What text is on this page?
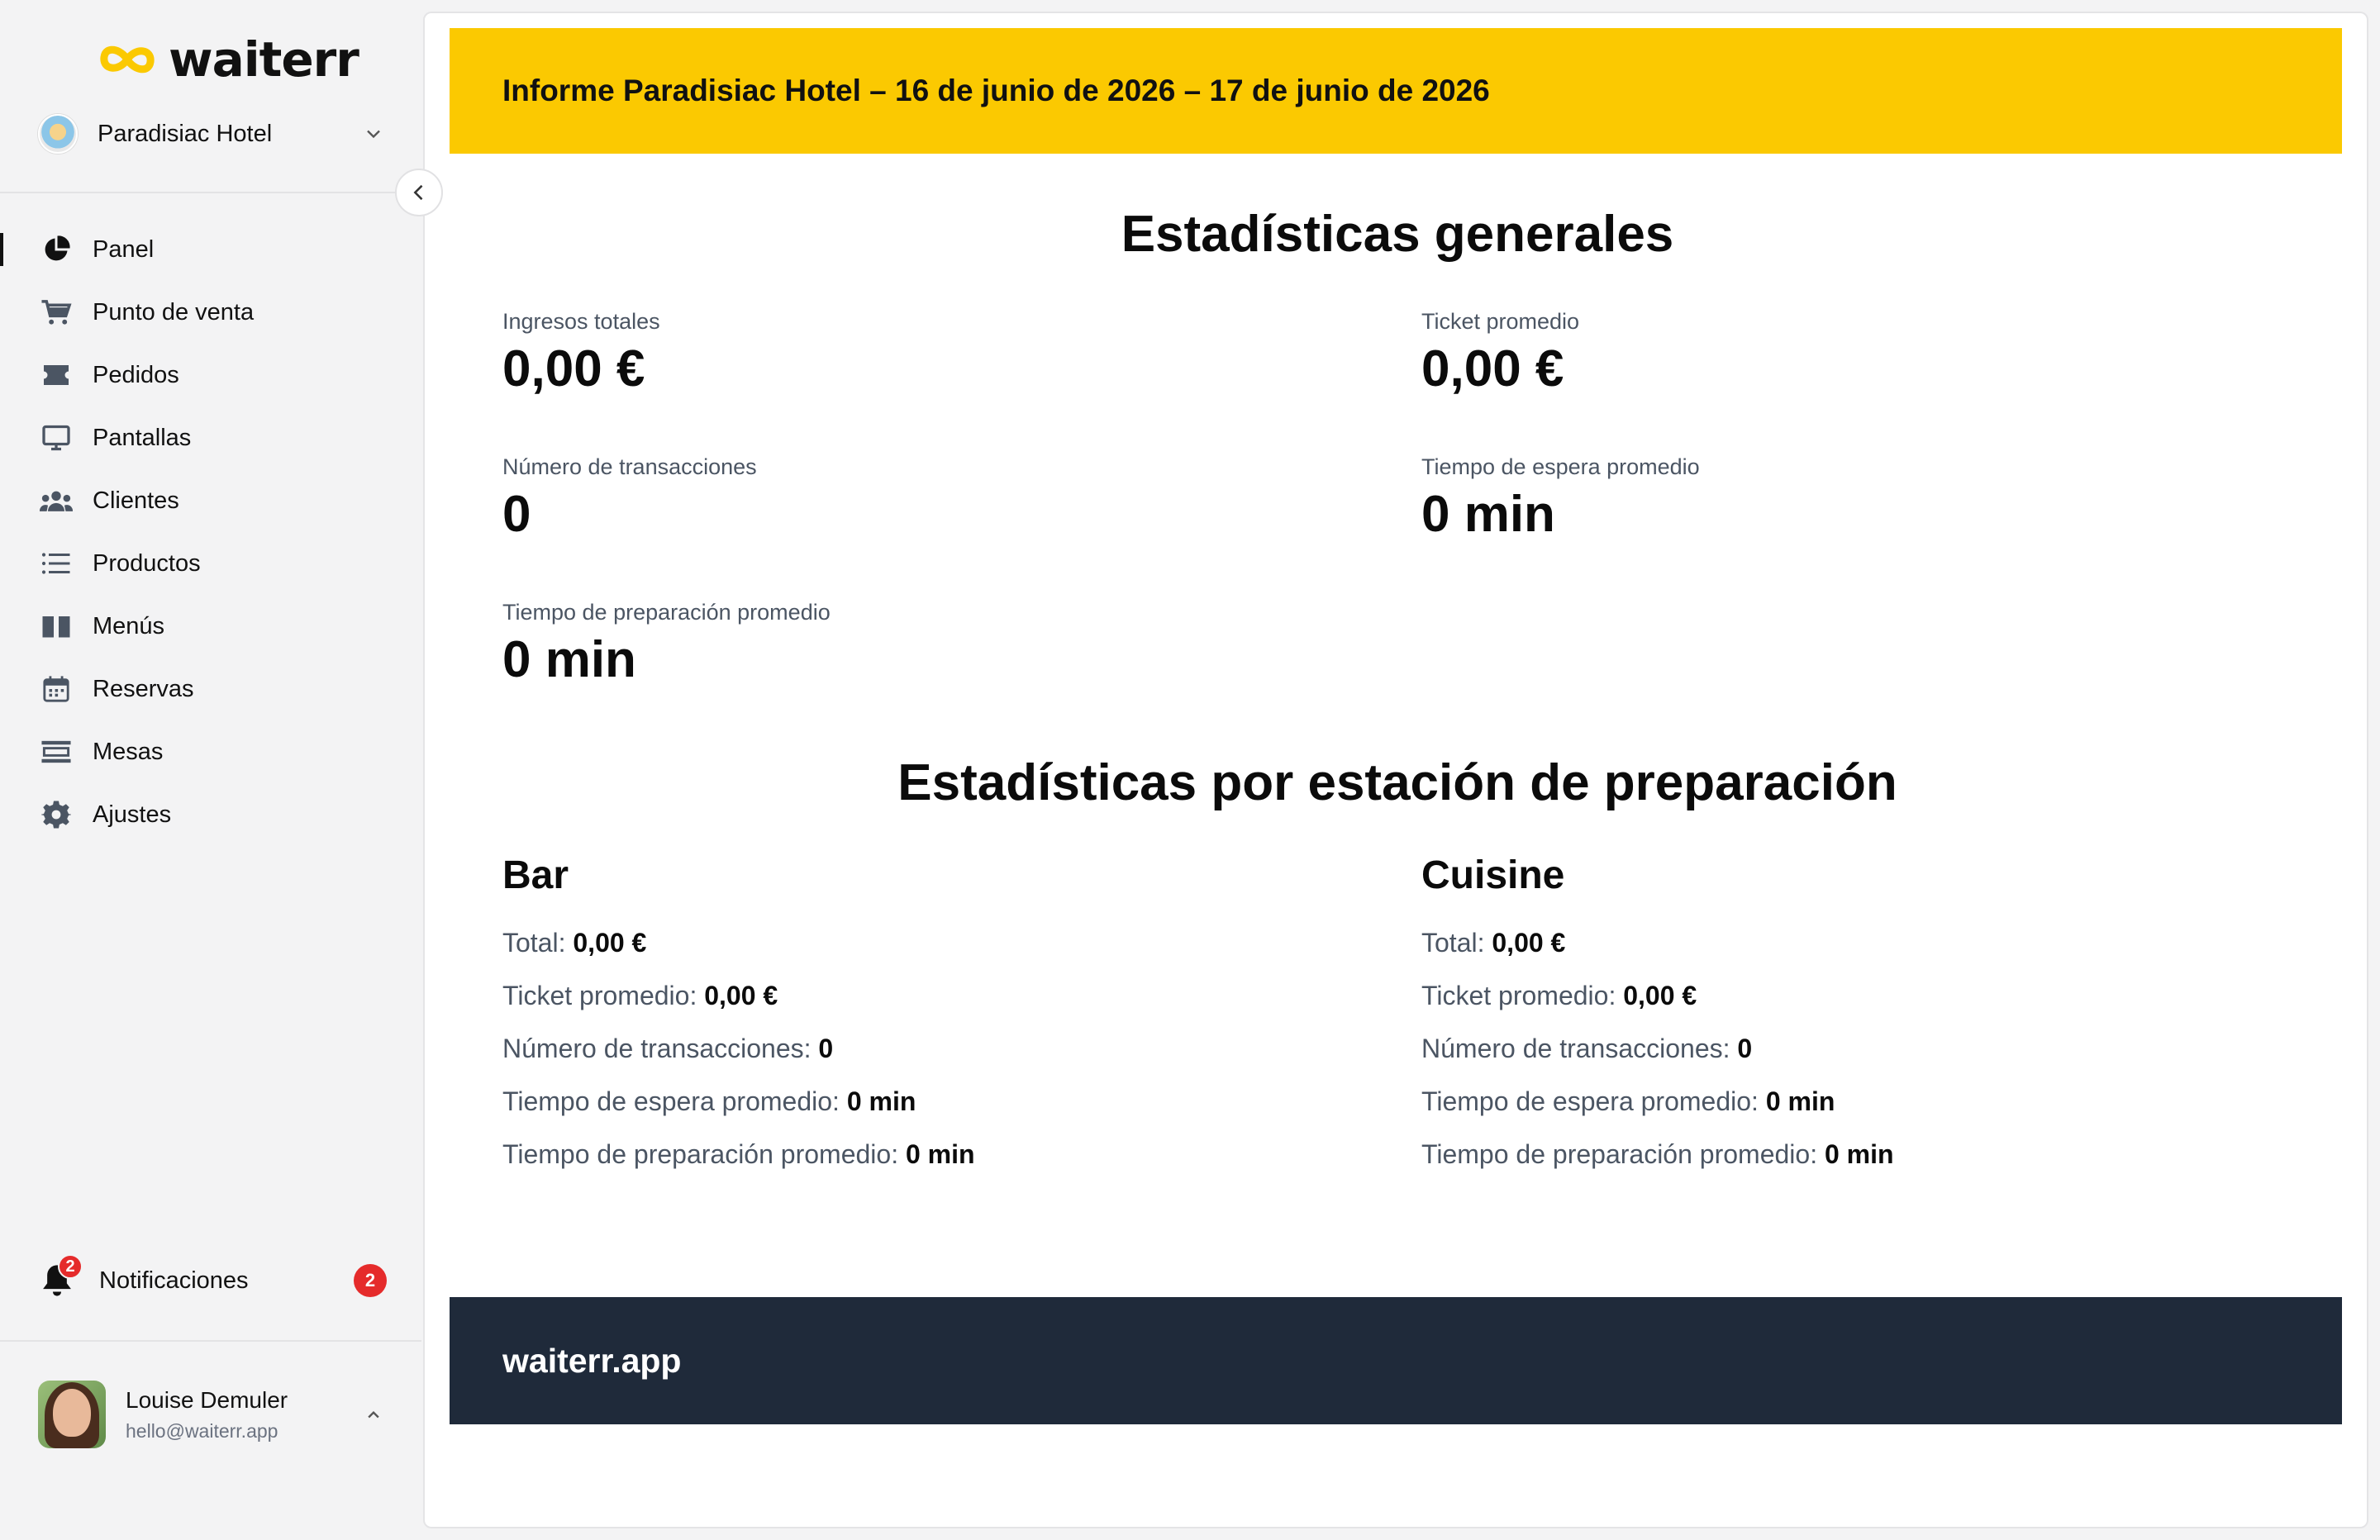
waiterr
Paradisiac Hotel
Panel
Punto de venta
Pedidos
Pantallas
Clientes
Productos
Menús
Reservas
Mesas
Ajustes
2
Notificaciones	2
Louise Demuler
hello@waiterr.app
Informe Paradisiac Hotel – 16 de junio de 2026 – 17 de junio de 2026
Estadísticas generales
Ingresos totales
0,00 €
Ticket promedio
0,00 €
Número de transacciones
0
Tiempo de espera promedio
0 min
Tiempo de preparación promedio
0 min
Estadísticas por estación de preparación
Bar
Total: 0,00 €
Ticket promedio: 0,00 €
Número de transacciones: 0
Tiempo de espera promedio: 0 min
Tiempo de preparación promedio: 0 min
Cuisine
Total: 0,00 €
Ticket promedio: 0,00 €
Número de transacciones: 0
Tiempo de espera promedio: 0 min
Tiempo de preparación promedio: 0 min
waiterr.app
